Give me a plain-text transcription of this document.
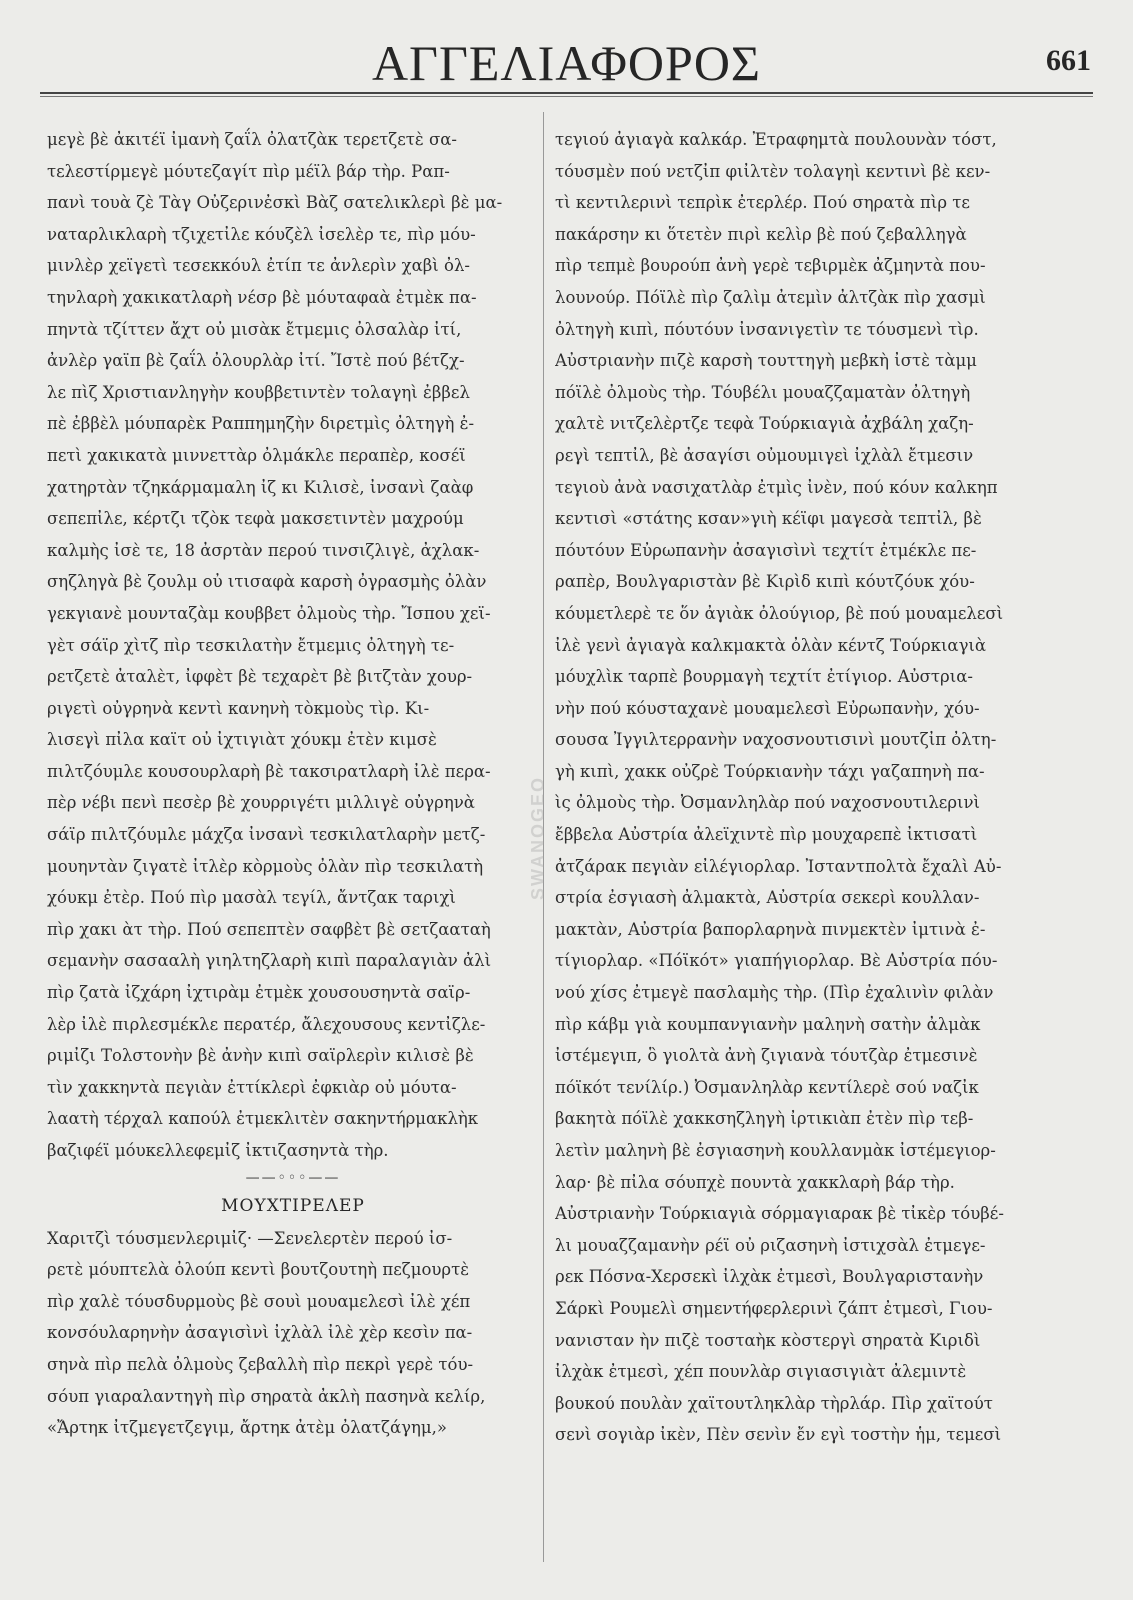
ΑΓΓΕΛΙΑΦΟΡΟΣ	661
μεγὲ βὲ ἀκιτέϊ ἰμανὴ ζαΐλ ὀλατζὰκ τερετζετὲ σα-
τελεστίρμεγὲ μόυτεζαγίτ πὶρ μέϊλ βάρ τὴρ. Ραπ-
πανὶ τουὰ ζὲ Τὰγ Οὐζερινἐσκὶ Βὰζ σατελικλερὶ βὲ μα-
ναταρλικλαρὴ τζιχετἰλε κόυζὲλ ἰσελὲρ τε, πὶρ μόυ-
μινλὲρ χεϊγετὶ τεσεκκόυλ ἐτίπ τε ἀνλερὶν χαβὶ ὀλ-
τηνλαρὴ χακικατλαρὴ νέσρ βὲ μόυταφαὰ ἐτμὲκ πα-
πηντὰ τζίττεν ἄχτ οὐ μισὰκ ἔτμεμις ὀλσαλὰρ ἰτί,
ἀνλὲρ γαϊπ βὲ ζαΐλ ὀλουρλὰρ ἰτί. Ἴστὲ πού βέτζχ-
λε πὶζ Χριστιανληγὴν κουββετιντὲν τολαγηὶ ἐββελ
πὲ ἐββὲλ μόυπαρὲκ Ραππημηζὴν διρετμὶς ὀλτηγὴ ἐ-
πετὶ χακικατὰ μιννεττὰρ ὀλμάκλε περαπὲρ, κοσέϊ
χατηρτὰν τζηκάρμαμαλη ἰζ κι Κιλισὲ, ἰνσανὶ ζαὰφ
σεπεπἰλε, κέρτζι τζὸκ τεφὰ μακσετιντὲν μαχρούμ
καλμὴς ἰσὲ τε, 18 ἀσρτὰν περού τινσιζλιγὲ, ἀχλακ-
σηζληγὰ βὲ ζουλμ οὐ ιτισαφὰ καρσὴ ὀγρασμὴς ὀλὰν
γεκγιανὲ μουνταζὰμ κουββετ ὀλμοὺς τὴρ. Ἴσπου χεϊ-
γὲτ σάϊρ χὶτζ πὶρ τεσκιλατὴν ἔτμεμις ὀλτηγὴ τε-
ρετζετὲ ἀταλὲτ, ἰφφὲτ βὲ τεχαρὲτ βὲ βιτζτὰν χουρ-
ριγετὶ οὐγρηνὰ κεντὶ κανηνὴ τὸκμοὺς τὶρ. Κι-
λισεγὶ πἰλα καϊτ οὐ ἰχτιγιὰτ χόυκμ ἐτὲν κιμσὲ
πιλτζόυμλε κουσουρλαρὴ βὲ τακσιρατλαρὴ ἰλὲ περα-
πὲρ νέβι πενὶ πεσὲρ βὲ χουρριγέτι μιλλιγὲ οὐγρηνὰ
σάϊρ πιλτζόυμλε μάχζα ἰνσανὶ τεσκιλατλαρὴν μετζ-
μουηντὰν ζιγατὲ ἰτλὲρ κὸρμοὺς ὀλὰν πὶρ τεσκιλατὴ
χόυκμ ἐτὲρ. Πού πὶρ μασὰλ τεγίλ, ἄντζακ ταριχὶ
πὶρ χακι ὰτ τὴρ. Πού σεπεπτὲν σαφβὲτ βὲ σετζααταὴ
σεμανὴν σασααλὴ γιηλτηζλαρὴ κιπὶ παραλαγιὰν ἀλὶ
πὶρ ζατὰ ἰζχάρη ἰχτιρὰμ ἐτμὲκ χουσουσηντὰ σαϊρ-
λὲρ ἰλὲ πιρλεσμέκλε περατέρ, ἄλεχουσους κεντἰζλε-
ριμἰζι Τολστονὴν βὲ ἀνὴν κιπὶ σαϊρλερὶν κιλισὲ βὲ
τὶν χακκηντὰ πεγιὰν ἐττίκλερὶ ἐφκιὰρ οὐ μόυτα-
λαατὴ τέρχαλ καπούλ ἐτμεκλιτὲν σακηντήρμακλὴκ
βαζιφέϊ μόυκελλεφεμἰζ ἰκτιζασηντὰ τὴρ.
——◦◦◦——
ΜΟΥΧΤΙΡΕΛΕΡ
Χαριτζὶ τόυσμενλεριμἰζ· —Σενελερτὲν περού ἰσ-
ρετὲ μόυπτελὰ ὀλούπ κεντὶ βουτζουτηὴ πεζμουρτὲ
πὶρ χαλὲ τόυσδυρμοὺς βὲ σουὶ μουαμελεσὶ ἰλὲ χέπ
κονσόυλαρηνὴν ἀσαγισὶνὶ ἰχλὰλ ἰλὲ χὲρ κεσὶν πα-
σηνὰ πὶρ πελὰ ὀλμοὺς ζεβαλλὴ πὶρ πεκρὶ γερὲ τόυ-
σόυπ γιαραλαντηγὴ πὶρ σηρατὰ ἀκλὴ πασηνὰ κελίρ,
«Ἄρτηκ ἰτζμεγετζεγιμ, ἄρτηκ ἀτὲμ ὀλατζάγημ,»
SWANOGEO
τεγιού ἀγιαγὰ καλκάρ. Ἐτραφημτὰ πουλουνὰν τόστ,
τόυσμὲν πού νετζἰπ φιἰλτὲν τολαγηὶ κεντινὶ βὲ κεν-
τὶ κεντιλερινὶ τεπρὶκ ἐτερλέρ. Πού σηρατὰ πὶρ τε
πακάρσην κι ὅτετὲν πιρὶ κελὶρ βὲ πού ζεβαλληγὰ
πὶρ τεπμὲ βουρούπ ἀνὴ γερὲ τεβιρμὲκ ἀζμηντὰ που-
λουνούρ. Πόϊλὲ πὶρ ζαλὶμ ἀτεμὶν ἀλτζὰκ πὶρ χασμὶ
ὀλτηγὴ κιπὶ, πόυτόυν ἰνσανιγετὶν τε τόυσμενὶ τὶρ.
Αὐστριανὴν πιζὲ καρσὴ τουττηγὴ μεβκὴ ἰστὲ τὰμμ
πόϊλὲ ὀλμοὺς τὴρ. Τόυβέλι μουαζζαματὰν ὀλτηγὴ
χαλτὲ νιτζελὲρτζε τεφὰ Τούρκιαγιὰ ἀχβάλη χαζη-
ρεγὶ τεπτἰλ, βὲ ἀσαγίσι οὐμουμιγεὶ ἰχλὰλ ἔτμεσιν
τεγιοὺ ἀνὰ νασιχατλὰρ ἐτμὶς ἰνὲν, πού κόυν καλκηπ
κεντισὶ «στάτης κσαν»γιὴ κέϊφι μαγεσὰ τεπτἰλ, βὲ
πόυτόυν Εὐρωπανὴν ἀσαγισὶνὶ τεχτίτ ἐτμέκλε πε-
ραπὲρ, Βουλγαριστὰν βὲ Κιρὶδ κιπὶ κόυτζόυκ χόυ-
κόυμετλερὲ τε ὅν ἀγιὰκ ὀλούγιορ, βὲ πού μουαμελεσὶ
ἰλὲ γενὶ ἀγιαγὰ καλκμακτὰ ὀλὰν κέντζ Τούρκιαγιὰ
μόυχλὶκ ταρπὲ βουρμαγὴ τεχτίτ ἐτίγιορ. Αὐστρια-
νὴν πού κόυσταχανὲ μουαμελεσὶ Εὐρωπανὴν, χόυ-
σουσα Ἰγγιλτερρανὴν ναχοσνουτισινὶ μουτζἰπ ὀλτη-
γὴ κιπὶ, χακκ οὐζρὲ Τούρκιανὴν τάχι γαζαπηνὴ πα-
ὶς ὀλμοὺς τὴρ. Ὀσμανληλὰρ πού ναχοσνουτιλερινὶ
ἔββελα Αὐστρία ἀλεϊχιντὲ πὶρ μουχαρεπὲ ἰκτισατὶ
ἀτζάρακ πεγιὰν εἰλέγιορλαρ. Ἰσταντπολτὰ ἔχαλὶ Αὐ-
στρία ἐσγιασὴ ἀλμακτὰ, Αὐστρία σεκερὶ κουλλαν-
μακτὰν, Αὐστρία βαπορλαρηνὰ πινμεκτὲν ἰμτινὰ ἐ-
τίγιορλαρ. «Πόϊκότ» γιαπήγιορλαρ. Βὲ Αὐστρία πόυ-
νού χίσς ἐτμεγὲ πασλαμὴς τὴρ. (Πὶρ ἐχαλινὶν φιλὰν
πὶρ κάβμ γιὰ κουμπανγιανὴν μαληνὴ σατὴν ἀλμὰκ
ἰστέμεγιπ, ὃ γιολτὰ ἀνὴ ζιγιανὰ τόυτζὰρ ἐτμεσινὲ
πόϊκότ τενίλίρ.) Ὀσμανληλὰρ κεντίλερὲ σού ναζἰκ
βακητὰ πόϊλὲ χακκσηζληγὴ ἰρτικιὰπ ἐτὲν πὶρ τεβ-
λετὶν μαληνὴ βὲ ἐσγιασηνὴ κουλλανμὰκ ἰστέμεγιορ-
λαρ· βὲ πἰλα σόυπχὲ πουντὰ χακκλαρὴ βάρ τὴρ.
Αὐστριανὴν Τούρκιαγιὰ σόρμαγιαρακ βὲ τἰκὲρ τόυβέ-
λι μουαζζαμανὴν ρέϊ οὐ ριζασηνὴ ἰστιχσὰλ ἐτμεγε-
ρεκ Πόσνα-Χερσεκὶ ἰλχὰκ ἐτμεσὶ, Βουλγαριστανὴν
Σάρκὶ Ρουμελὶ σημεντήφερλερινὶ ζάπτ ἐτμεσὶ, Γιου-
νανισταν ὴν πιζὲ τοσταὴκ κὸστεργὶ σηρατὰ Κιριδὶ
ἰλχὰκ ἐτμεσὶ, χέπ πουνλὰρ σιγιασιγιὰτ ἀλεμιντὲ
βουκού πουλὰν χαϊτουτληκλὰρ τὴρλάρ. Πὶρ χαϊτούτ
σενὶ σογιὰρ ἰκὲν, Πὲν σενὶν ἔν εγὶ τοστὴν ἡμ, τεμεσὶ
